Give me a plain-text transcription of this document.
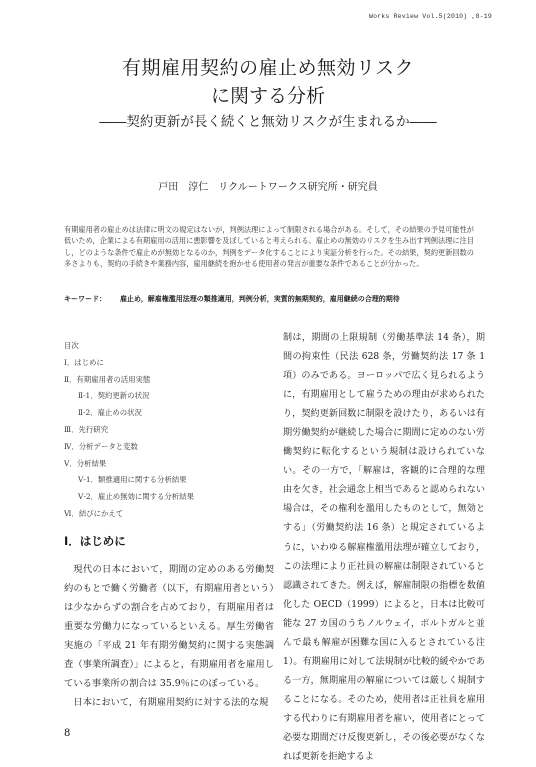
Works Review Vol.5(2010) ,8-19
有期雇用契約の雇止め無効リスク
に関する分析
――契約更新が長く続くと無効リスクが生まれるか――
戸田　淳仁　リクルートワークス研究所・研究員
有期雇用者の雇止めは法律に明文の規定はないが，判例法理によって制限される場合がある。そして，その結果の予見可能性が低いため，企業による有期雇用の活用に悪影響を及ぼしていると考えられる。雇止めの無効のリスクを生み出す判例法理に注目し，どのような条件で雇止めが無効となるのか，判例をデータ化することにより実証分析を行った。その結果，契約更新回数の多さよりも，契約の手続きや業務内容，雇用継続を抱かせる使用者の発言が重要な条件であることが分かった。
キーワード： 雇止め，解雇権濫用法理の類推適用，判例分析，実質的無期契約，雇用継続の合理的期待
目次
Ⅰ．はじめに
Ⅱ．有期雇用者の活用実態
Ⅱ-1．契約更新の状況
Ⅱ-2．雇止めの状況
Ⅲ．先行研究
Ⅳ．分析データと変数
Ⅴ．分析結果
Ⅴ-1．類推適用に関する分析結果
Ⅴ-2．雇止め無効に関する分析結果
Ⅵ．結びにかえて
Ⅰ．はじめに

現代の日本において，期間の定めのある労働契約のもとで働く労働者（以下，有期雇用者という）は少なからずの割合を占めており，有期雇用者は重要な労働力になっているといえる。厚生労働省実施の「平成 21 年有期労働契約に関する実態調査（事業所調査）」によると，有期雇用者を雇用している事業所の割合は 35.9％にのぼっている。

日本において，有期雇用契約に対する法的な規

制は，期間の上限規制（労働基準法 14 条），期間の拘束性（民法 628 条，労働契約法 17 条 1 項）のみである。ヨーロッパで広く見られるように，有期雇用として雇うための理由が求められたり，契約更新回数に制限を設けたり，あるいは有期労働契約が継続した場合に期間に定めのない労働契約に転化するという規制は設けられていない。その一方で，「解雇は，客観的に合理的な理由を欠き，社会通念上相当であると認められない場合は，その権利を濫用したものとして，無効とする」（労働契約法 16 条）と規定されているように，いわゆる解雇権濫用法理が確立しており，この法理により正社員の解雇は制限されていると認識されてきた。例えば，解雇制限の指標を数値化した OECD（1999）によると，日本は比較可能な 27 カ国のうちノルウェイ，ポルトガルと並んで最も解雇が困難な国に入るとされている注1）。有期雇用に対して法規制が比較的緩やかである一方，無期雇用の解雇については厳しく規制することになる。そのため，使用者は正社員を雇用する代わりに有期雇用者を雇い，使用者にとって必要な期間だけ反復更新し，その後必要がなくなれば更新を拒絶するよ

8
